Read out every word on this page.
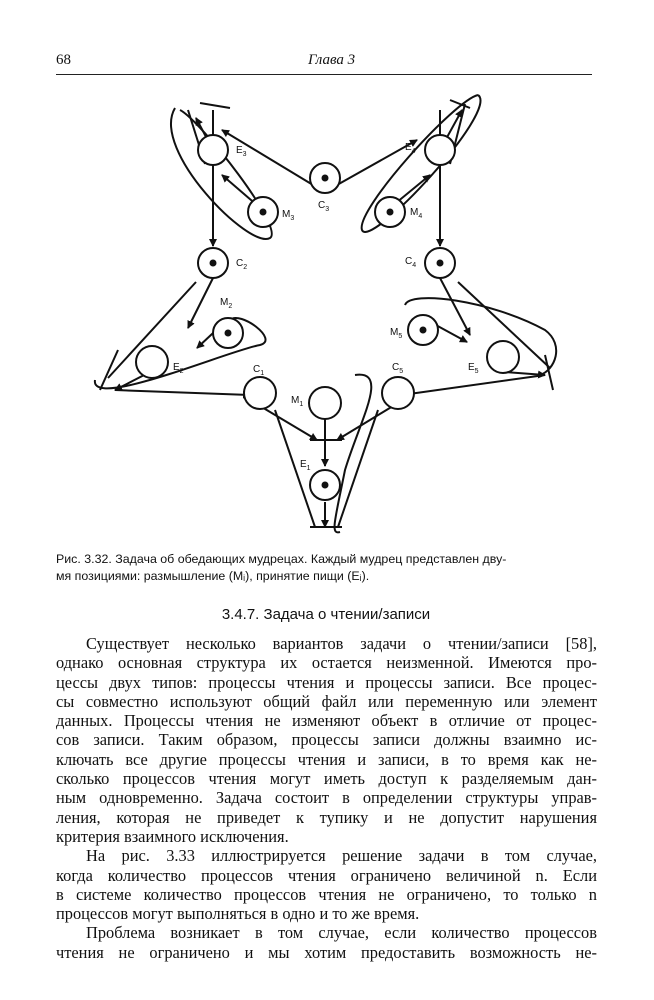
68	Глава 3
$E_3$
$E_4$
$C_3$
$M_3$
$M_4$
$C_2$
$C_4$
$M_2$
$M_5$
$E_2$	$E_5$
$C_1$
$C_5$
$M_1$
$E_1$

Рис. 3.32. Задача об обедающих мудрецах. Каждый мудрец представлен дву-

мя позициями: размышление (Mᵢ), принятие пищи (Eᵢ).

3.4.7. Задача о чтении/записи
Существует несколько вариантов задачи о чтении/записи [58],
однако основная структура их остается неизменной. Имеются про-
цессы двух типов: процессы чтения и процессы записи. Все процес-
сы совместно используют общий файл или переменную или элемент
данных. Процессы чтения не изменяют объект в отличие от процес-
сов записи. Таким образом, процессы записи должны взаимно ис-
ключать все другие процессы чтения и записи, в то время как не-
сколько процессов чтения могут иметь доступ к разделяемым дан-
ным одновременно. Задача состоит в определении структуры управ-
ления, которая не приведет к тупику и не допустит нарушения
критерия взаимного исключения.
На рис. 3.33 иллюстрируется решение задачи в том случае,
когда количество процессов чтения ограничено величиной n. Если
в системе количество процессов чтения не ограничено, то только n
процессов могут выполняться в одно и то же время.
Проблема возникает в том случае, если количество процессов
чтения не ограничено и мы хотим предоставить возможность не-
